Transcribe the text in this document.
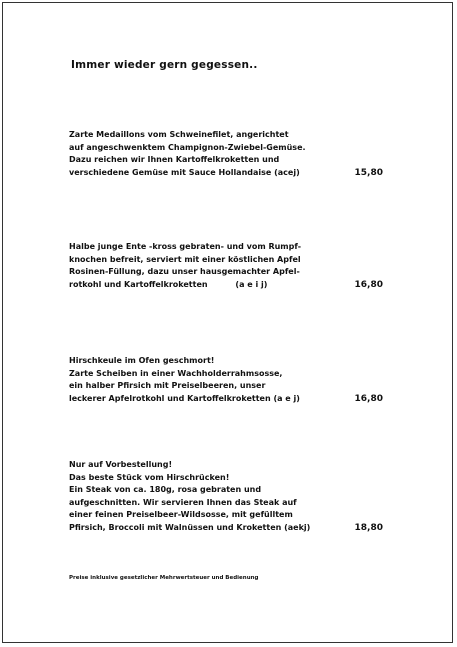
Immer wieder gern gegessen..
Zarte Medaillons vom Schweinefilet, angerichtet
auf angeschwenktem Champignon-Zwiebel-Gemüse.
Dazu reichen wir Ihnen Kartoffelkroketten und
verschiedene Gemüse mit Sauce Hollandaise (acej)	15,80
Halbe junge Ente -kross gebraten- und vom Rumpf-
knochen befreit, serviert mit einer köstlichen Apfel
Rosinen-Füllung, dazu unser hausgemachter Apfel-
rotkohl und Kartoffelkroketten          (a e i j)	16,80
Hirschkeule im Ofen geschmort!
Zarte Scheiben in einer Wachholderrahmsosse,
ein halber Pfirsich mit Preiselbeeren, unser
leckerer Apfelrotkohl und Kartoffelkroketten (a e j)	16,80
Nur auf Vorbestellung!
Das beste Stück vom Hirschrücken!
Ein Steak von ca. 180g, rosa gebraten und
aufgeschnitten. Wir servieren Ihnen das Steak auf
einer feinen Preiselbeer-Wildsosse, mit gefülltem
Pfirsich, Broccoli mit Walnüssen und Kroketten (aekj)	18,80
Preise inklusive gesetzlicher Mehrwertsteuer und Bedienung
